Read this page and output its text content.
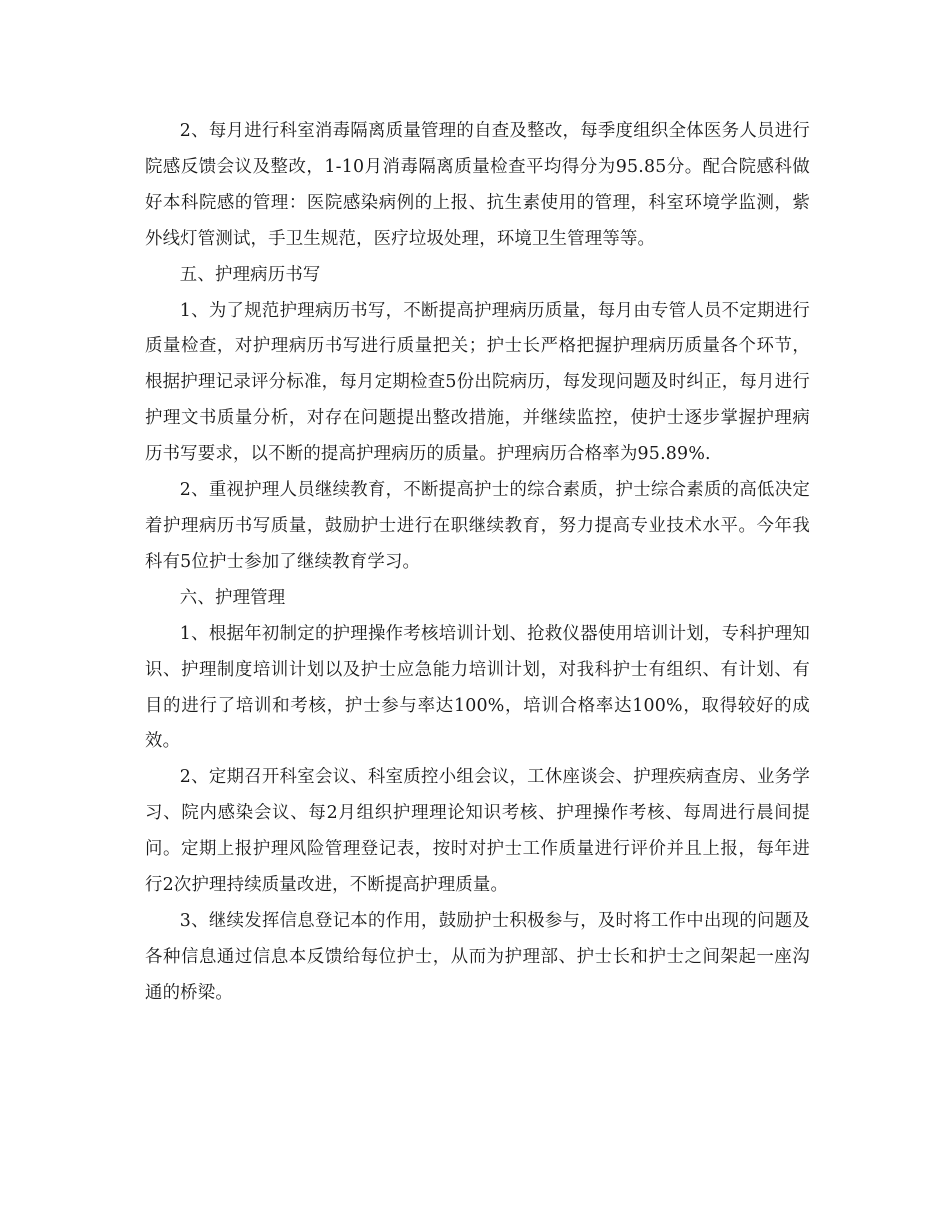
2、每月进行科室消毒隔离质量管理的自查及整改，每季度组织全体医务人员进行院感反馈会议及整改，1-10月消毒隔离质量检查平均得分为95.85分。配合院感科做好本科院感的管理：医院感染病例的上报、抗生素使用的管理，科室环境学监测，紫外线灯管测试，手卫生规范，医疗垃圾处理，环境卫生管理等等。

五、护理病历书写

1、为了规范护理病历书写，不断提高护理病历质量，每月由专管人员不定期进行质量检查，对护理病历书写进行质量把关；护士长严格把握护理病历质量各个环节，根据护理记录评分标准，每月定期检查5份出院病历，每发现问题及时纠正，每月进行护理文书质量分析，对存在问题提出整改措施，并继续监控，使护士逐步掌握护理病历书写要求，以不断的提高护理病历的质量。护理病历合格率为95.89%.

2、重视护理人员继续教育，不断提高护士的综合素质，护士综合素质的高低决定着护理病历书写质量，鼓励护士进行在职继续教育，努力提高专业技术水平。今年我科有5位护士参加了继续教育学习。

六、护理管理

1、根据年初制定的护理操作考核培训计划、抢救仪器使用培训计划，专科护理知识、护理制度培训计划以及护士应急能力培训计划，对我科护士有组织、有计划、有目的进行了培训和考核，护士参与率达100%，培训合格率达100%，取得较好的成效。

2、定期召开科室会议、科室质控小组会议，工休座谈会、护理疾病查房、业务学习、院内感染会议、每2月组织护理理论知识考核、护理操作考核、每周进行晨间提问。定期上报护理风险管理登记表，按时对护士工作质量进行评价并且上报，每年进行2次护理持续质量改进，不断提高护理质量。

3、继续发挥信息登记本的作用，鼓励护士积极参与，及时将工作中出现的问题及各种信息通过信息本反馈给每位护士，从而为护理部、护士长和护士之间架起一座沟通的桥梁。
